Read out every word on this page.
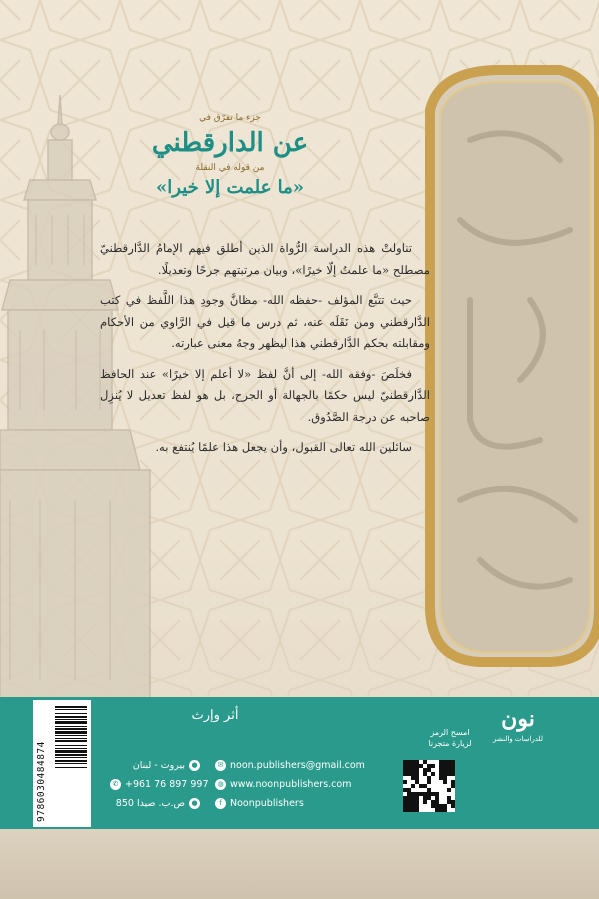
جزء ما تفرّق في
عن الدارقطني
من قوله في النقلة
«ما علمت إلا خيرا»

تناولتْ هذه الدراسة الرُّواة الذين أطلق فيهم الإمامُ الدَّارقطنيّ مصطلح «ما علمتُ إلّا خيرًا»، وبيان مرتبتهم جرحًا وتعديلًا.

حيث تتبَّع المؤلف -حفظه الله- مظانَّ وجودِ هذا اللَّفظ في كتب الدَّارقطني ومن نَقَلَه عنه، ثم درس ما قيل في الرَّاوي من الأحكام ومقابلته بحكم الدَّارقطني هذا ليظهر وجهُ معنى عبارته.

فخلَصَ -وفقه الله- إلى أنَّ لفظ «لا أعلم إلا خيرًا» عند الحافظ الدَّارقطنيّ ليس حكمًا بالجهالة أو الجرح، بل هو لفظ تعديل لا يُنزِل صاحبه عن درجة الصَّدُوق.

سائلين الله تعالى القبول، وأن يجعل هذا علمًا يُنتفع به.

9786030484874
أثر وإرث
✉ noon.publishers@gmail.com
◍ www.noonpublishers.com
f Noonpublishers
●بيروت - لبنان
✆ +961 76 897 997
●ص.ب. صيدا 850
امسح الرمز لزيارة متجرنا
نون
للدراسات والنشر
